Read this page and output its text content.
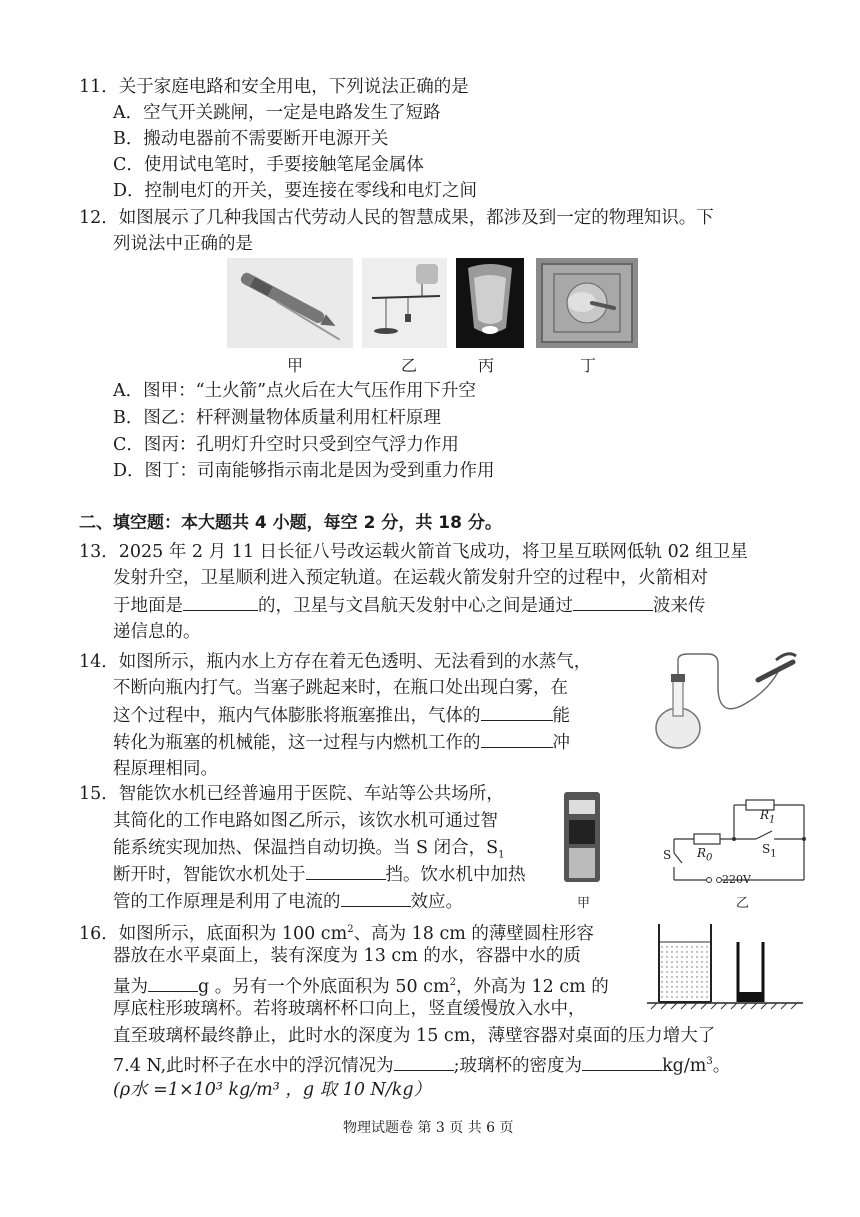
11．关于家庭电路和安全用电，下列说法正确的是
A．空气开关跳闸，一定是电路发生了短路
B．搬动电器前不需要断开电源开关
C．使用试电笔时，手要接触笔尾金属体
D．控制电灯的开关，要连接在零线和电灯之间
12．如图展示了几种我国古代劳动人民的智慧成果，都涉及到一定的物理知识。下
列说法中正确的是
甲	乙	丙	丁
A．图甲：“土火箭”点火后在大气压作用下升空
B．图乙：杆秤测量物体质量利用杠杆原理
C．图丙：孔明灯升空时只受到空气浮力作用
D．图丁：司南能够指示南北是因为受到重力作用
二、填空题：本大题共 4 小题，每空 2 分，共 18 分。
13．2025 年 2 月 11 日长征八号改运载火箭首飞成功，将卫星互联网低轨 02 组卫星
发射升空，卫星顺利进入预定轨道。在运载火箭发射升空的过程中，火箭相对
于地面是	的，卫星与文昌航天发射中心之间是通过	波来传
递信息的。
14．如图所示，瓶内水上方存在着无色透明、无法看到的水蒸气，
不断向瓶内打气。当塞子跳起来时，在瓶口处出现白雾，在
这个过程中，瓶内气体膨胀将瓶塞推出，气体的	能
转化为瓶塞的机械能，这一过程与内燃机工作的	冲
程原理相同。
15．智能饮水机已经普遍用于医院、车站等公共场所，
其简化的工作电路如图乙所示，该饮水机可通过智
能系统实现加热、保温挡自动切换。当 S 闭合，$S_1$
断开时，智能饮水机处于	挡。饮水机中加热
管的工作原理是利用了电流的	效应。	甲
$R_1$
$R_0$
S	$S_1$
220V
乙
16．如图所示，底面积为 100 $cm^2$、高为 18 cm 的薄壁圆柱形容
器放在水平桌面上，装有深度为 13 cm 的水，容器中水的质
量为	g 。另有一个外底面积为 50 $cm^2$，外高为 12 cm 的
厚底柱形玻璃杯。若将玻璃杯杯口向上，竖直缓慢放入水中，
直至玻璃杯最终静止，此时水的深度为 15 cm，薄壁容器对桌面的压力增大了
7.4 N,此时杯子在水中的浮沉情况为	;玻璃杯的密度为	$kg/m^3$。
(ρ水 =1×10³ kg/m³ ，g 取 10 N/kg）
物理试题卷 第 3 页 共 6 页
